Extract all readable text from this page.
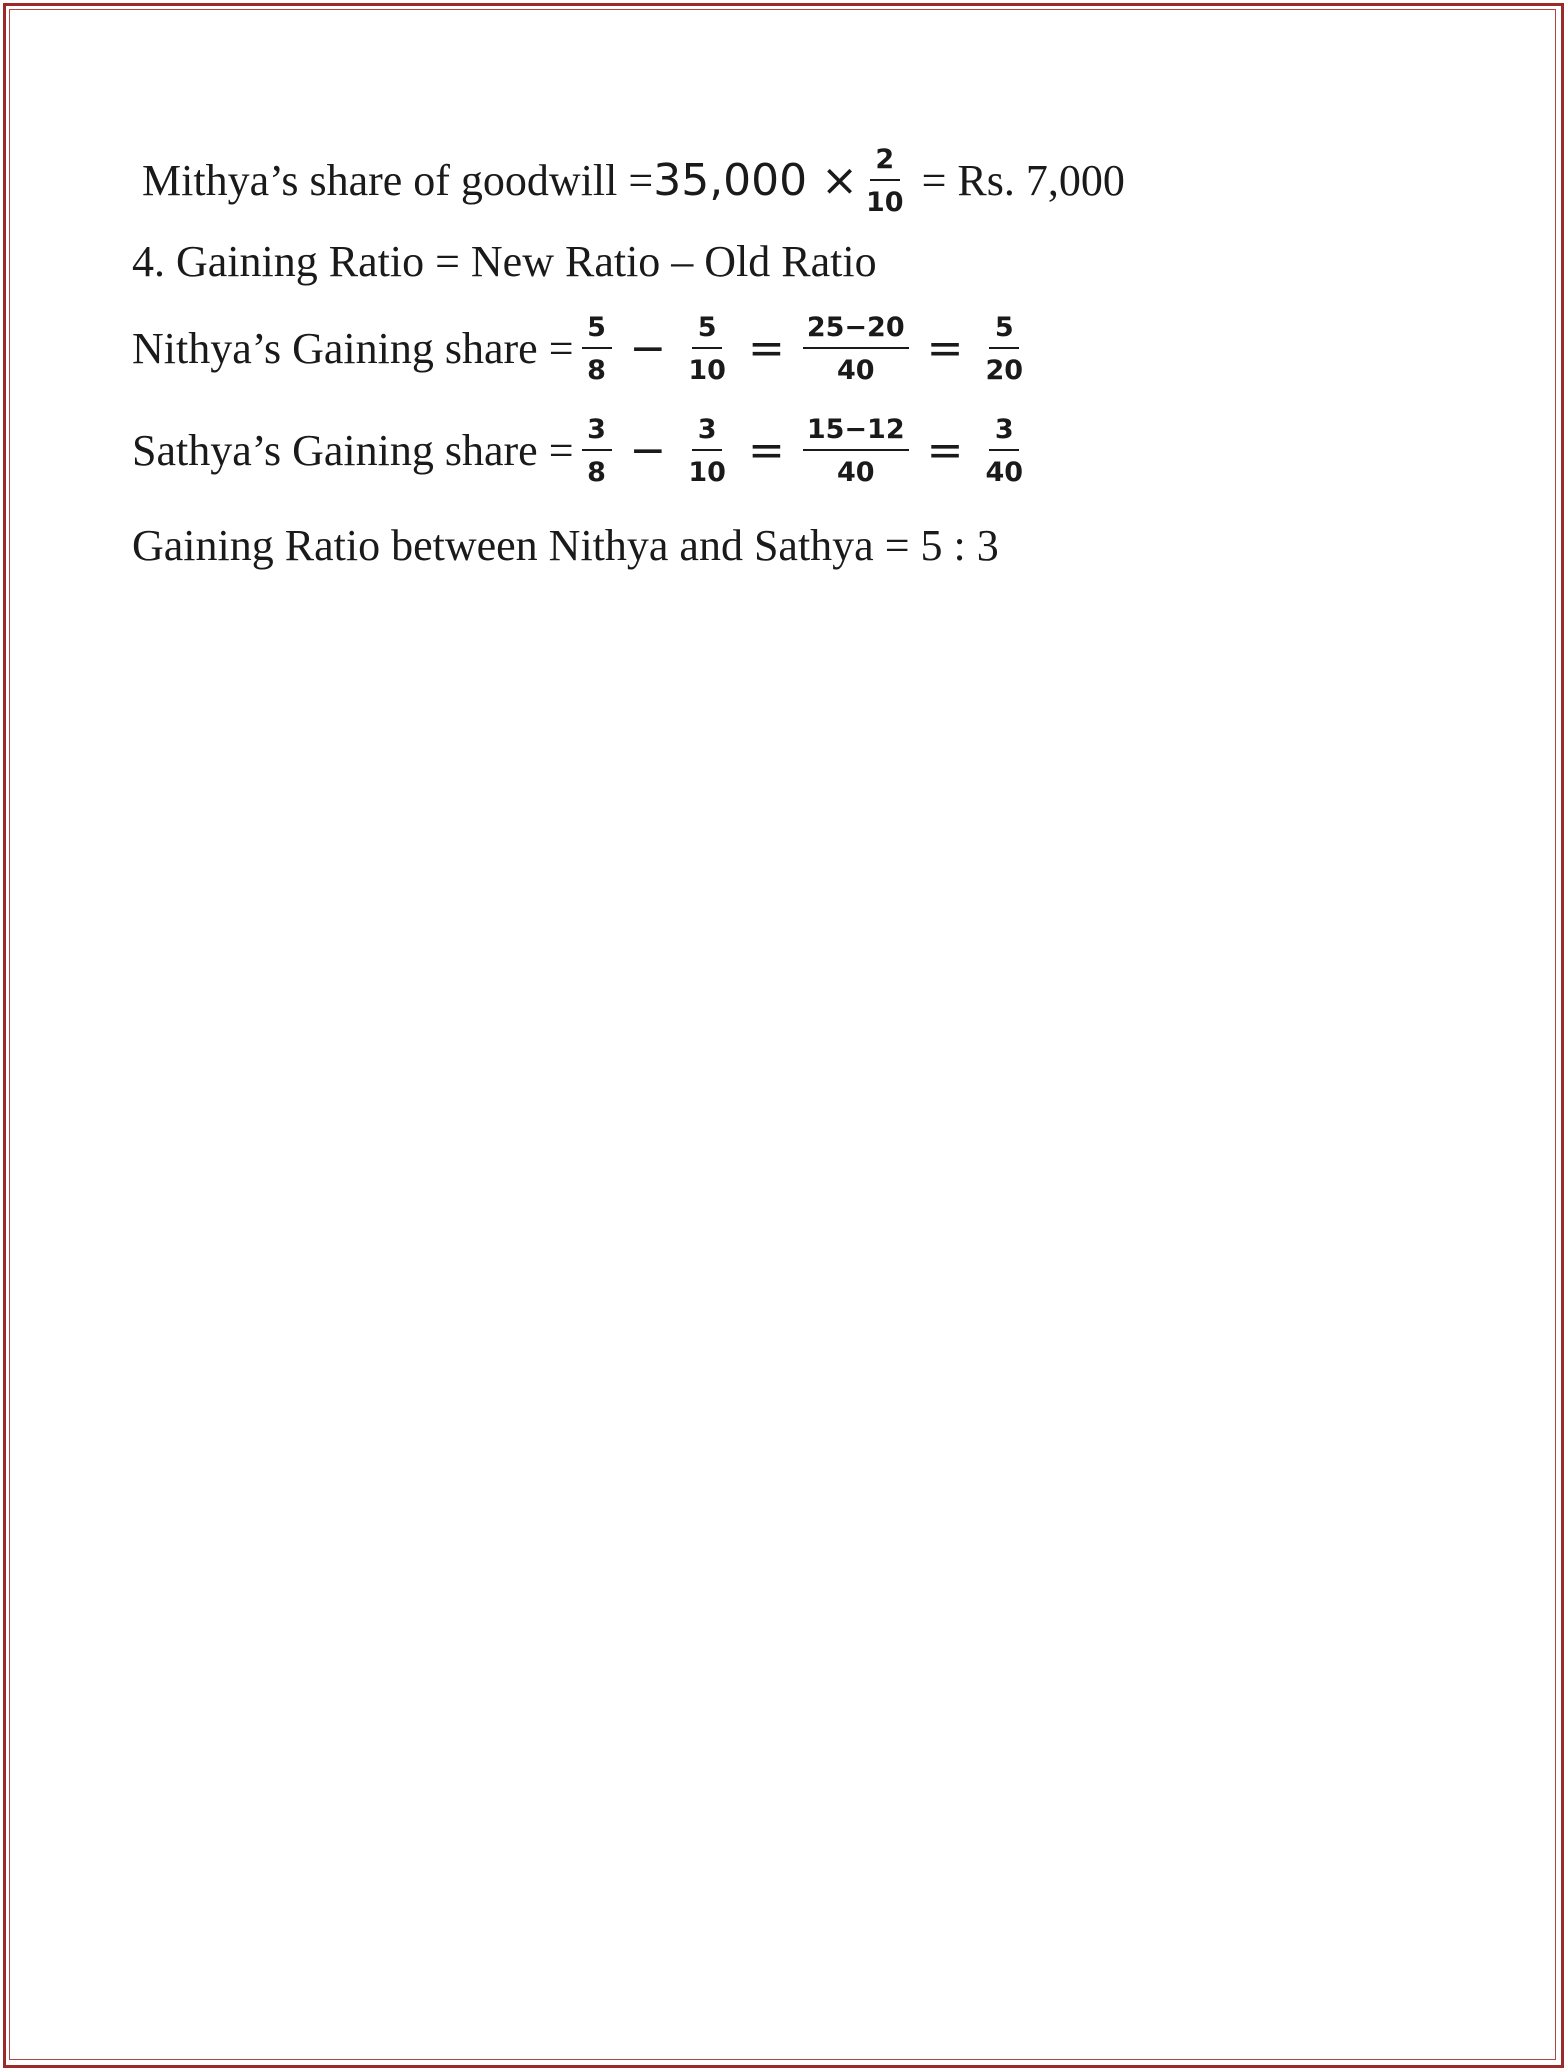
Mithya’s share of goodwill = $35,000 \times \frac{2}{10} = Rs$. 7,000
4. Gaining Ratio = New Ratio – Old Ratio
Nithya’s Gaining share = $\frac{5}{8} - \frac{5}{10} = \frac{25-20}{40} = \frac{5}{20}$
Sathya’s Gaining share = $\frac{3}{8} - \frac{3}{10} = \frac{15-12}{40} = \frac{3}{40}$
Gaining Ratio between Nithya and Sathya = 5 : 3
